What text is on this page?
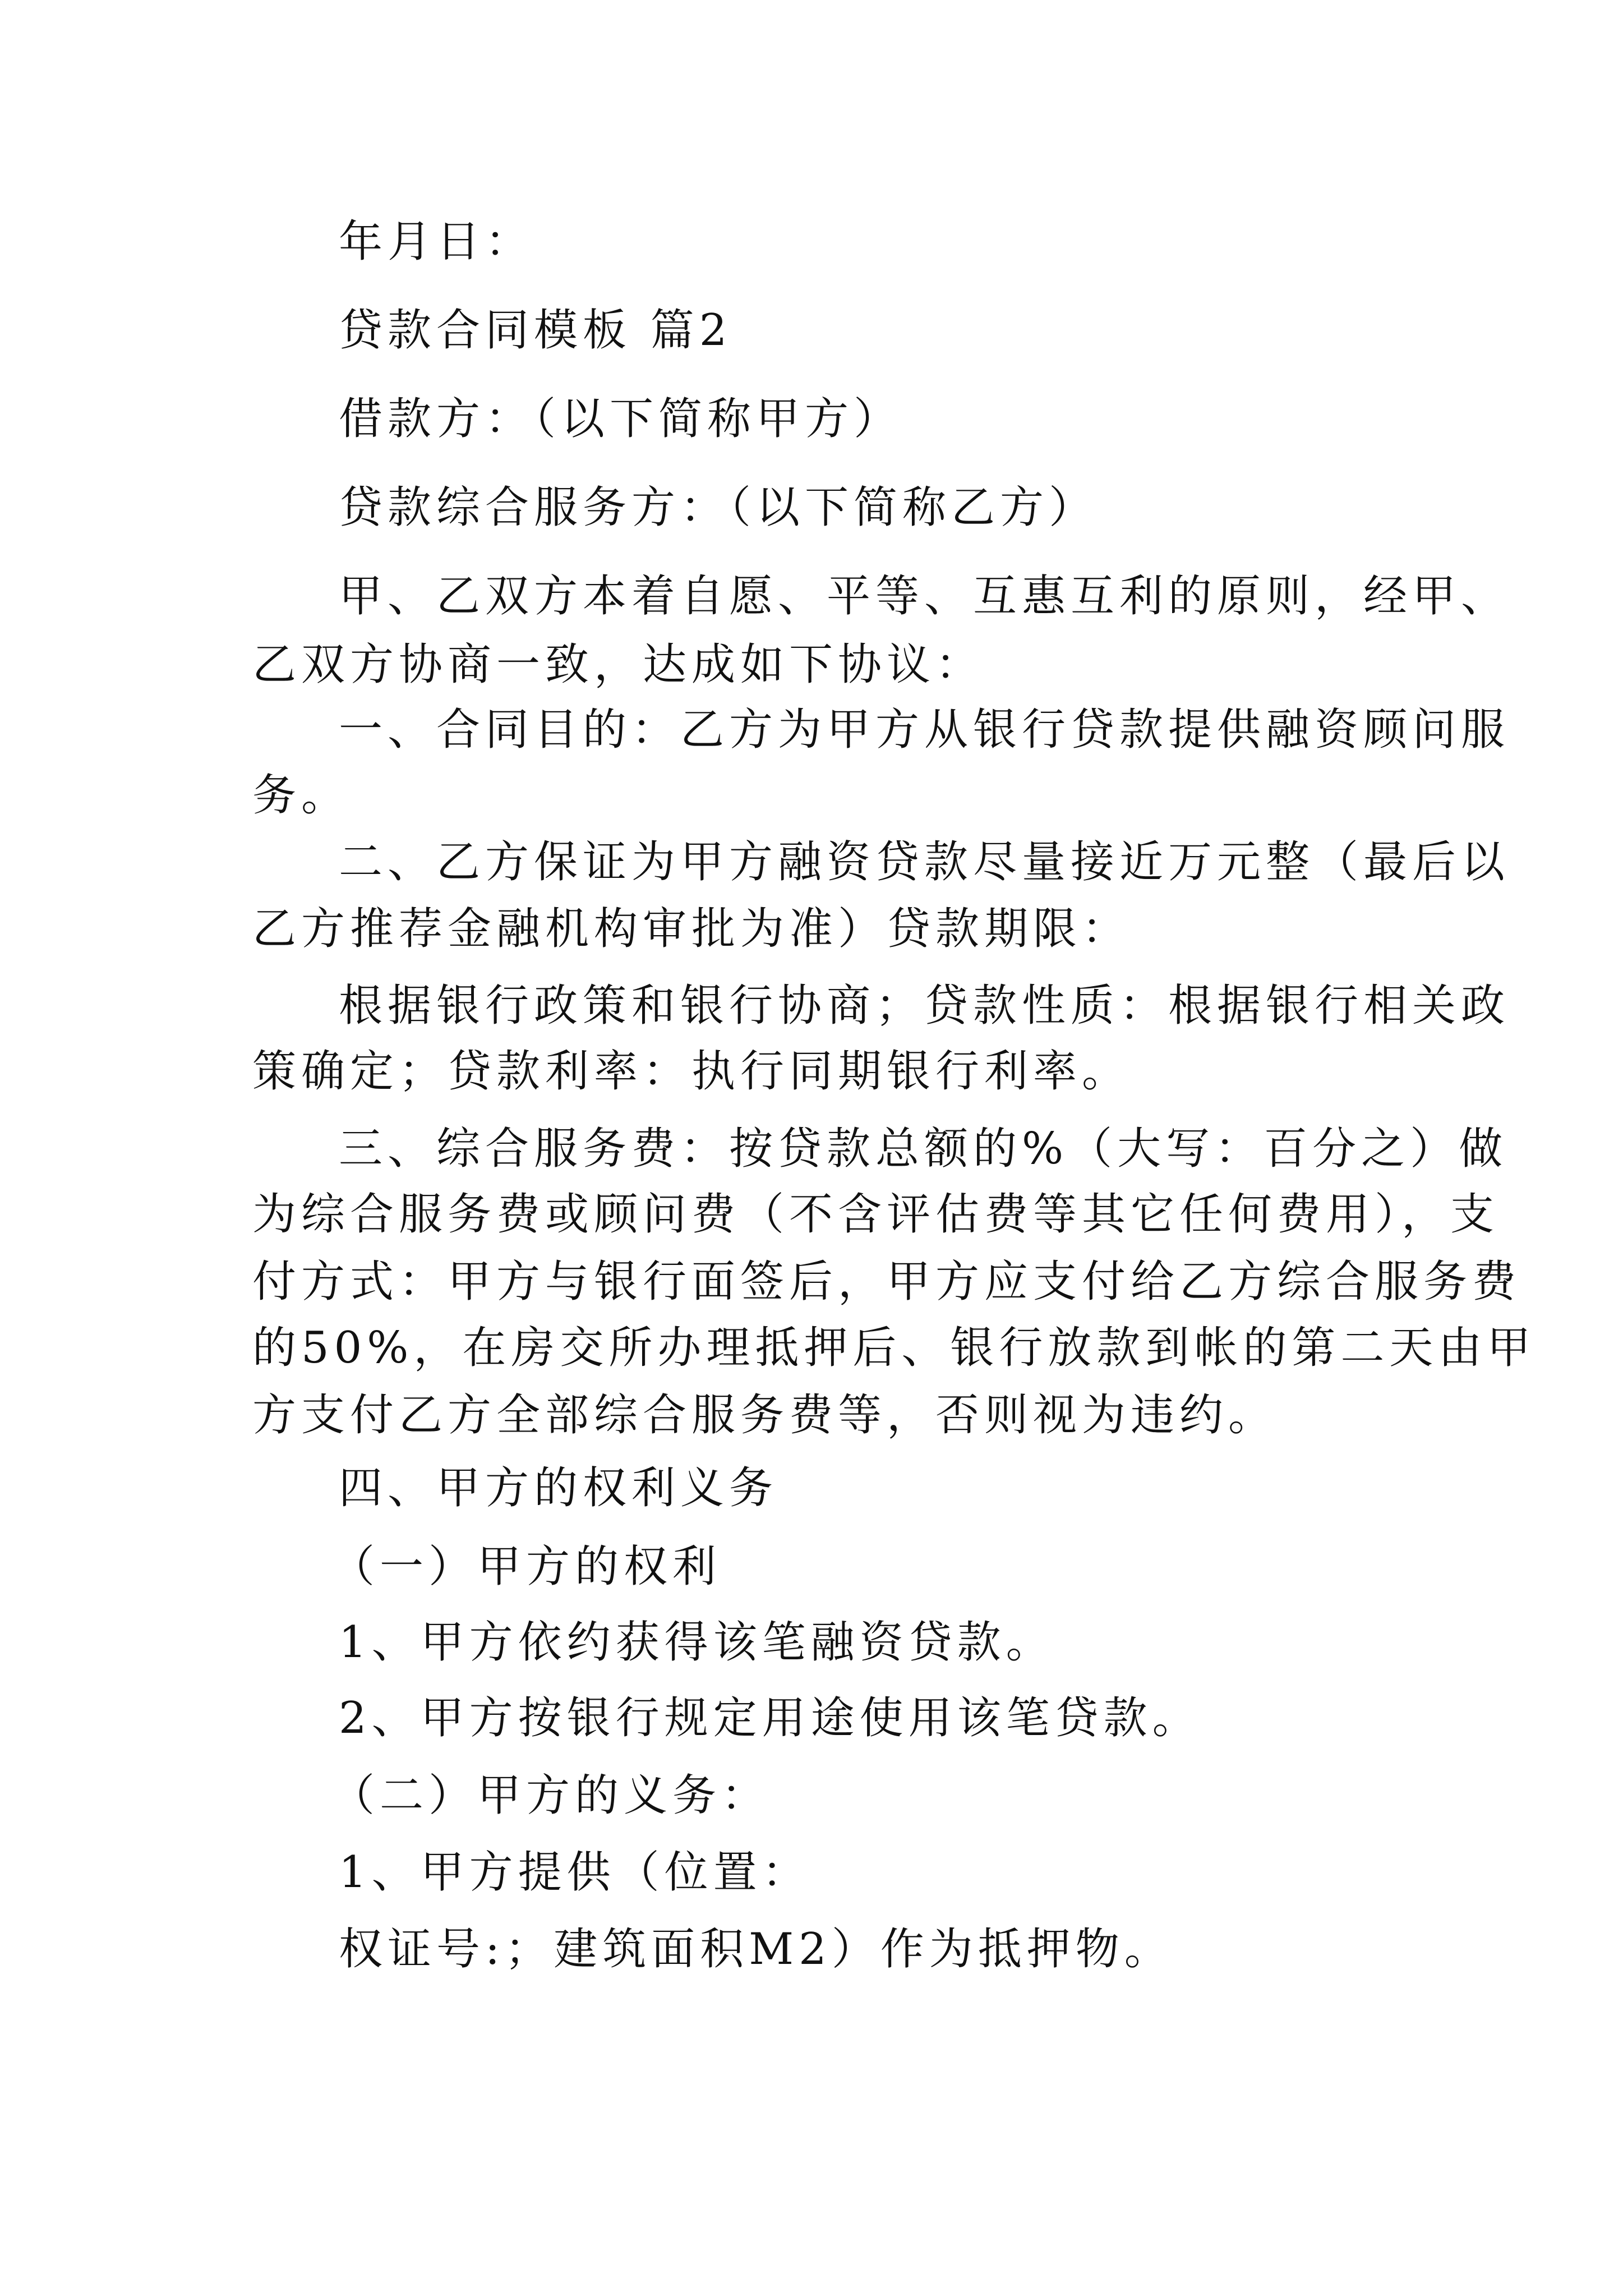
年月日：
贷款合同模板 篇2
借款方：（以下简称甲方）
贷款综合服务方：（以下简称乙方）
甲、乙双方本着自愿、平等、互惠互利的原则，经甲、
乙双方协商一致，达成如下协议：
一、合同目的：乙方为甲方从银行贷款提供融资顾问服
务。
二、乙方保证为甲方融资贷款尽量接近万元整（最后以
乙方推荐金融机构审批为准）贷款期限：
根据银行政策和银行协商；贷款性质：根据银行相关政
策确定；贷款利率：执行同期银行利率。
三、综合服务费：按贷款总额的%（大写：百分之）做
为综合服务费或顾问费（不含评估费等其它任何费用），支
付方式：甲方与银行面签后，甲方应支付给乙方综合服务费
的50%，在房交所办理抵押后、银行放款到帐的第二天由甲
方支付乙方全部综合服务费等，否则视为违约。
四、甲方的权利义务
（一）甲方的权利
1、甲方依约获得该笔融资贷款。
2、甲方按银行规定用途使用该笔贷款。
（二）甲方的义务：
1、甲方提供（位置：
权证号:；建筑面积M2）作为抵押物。
